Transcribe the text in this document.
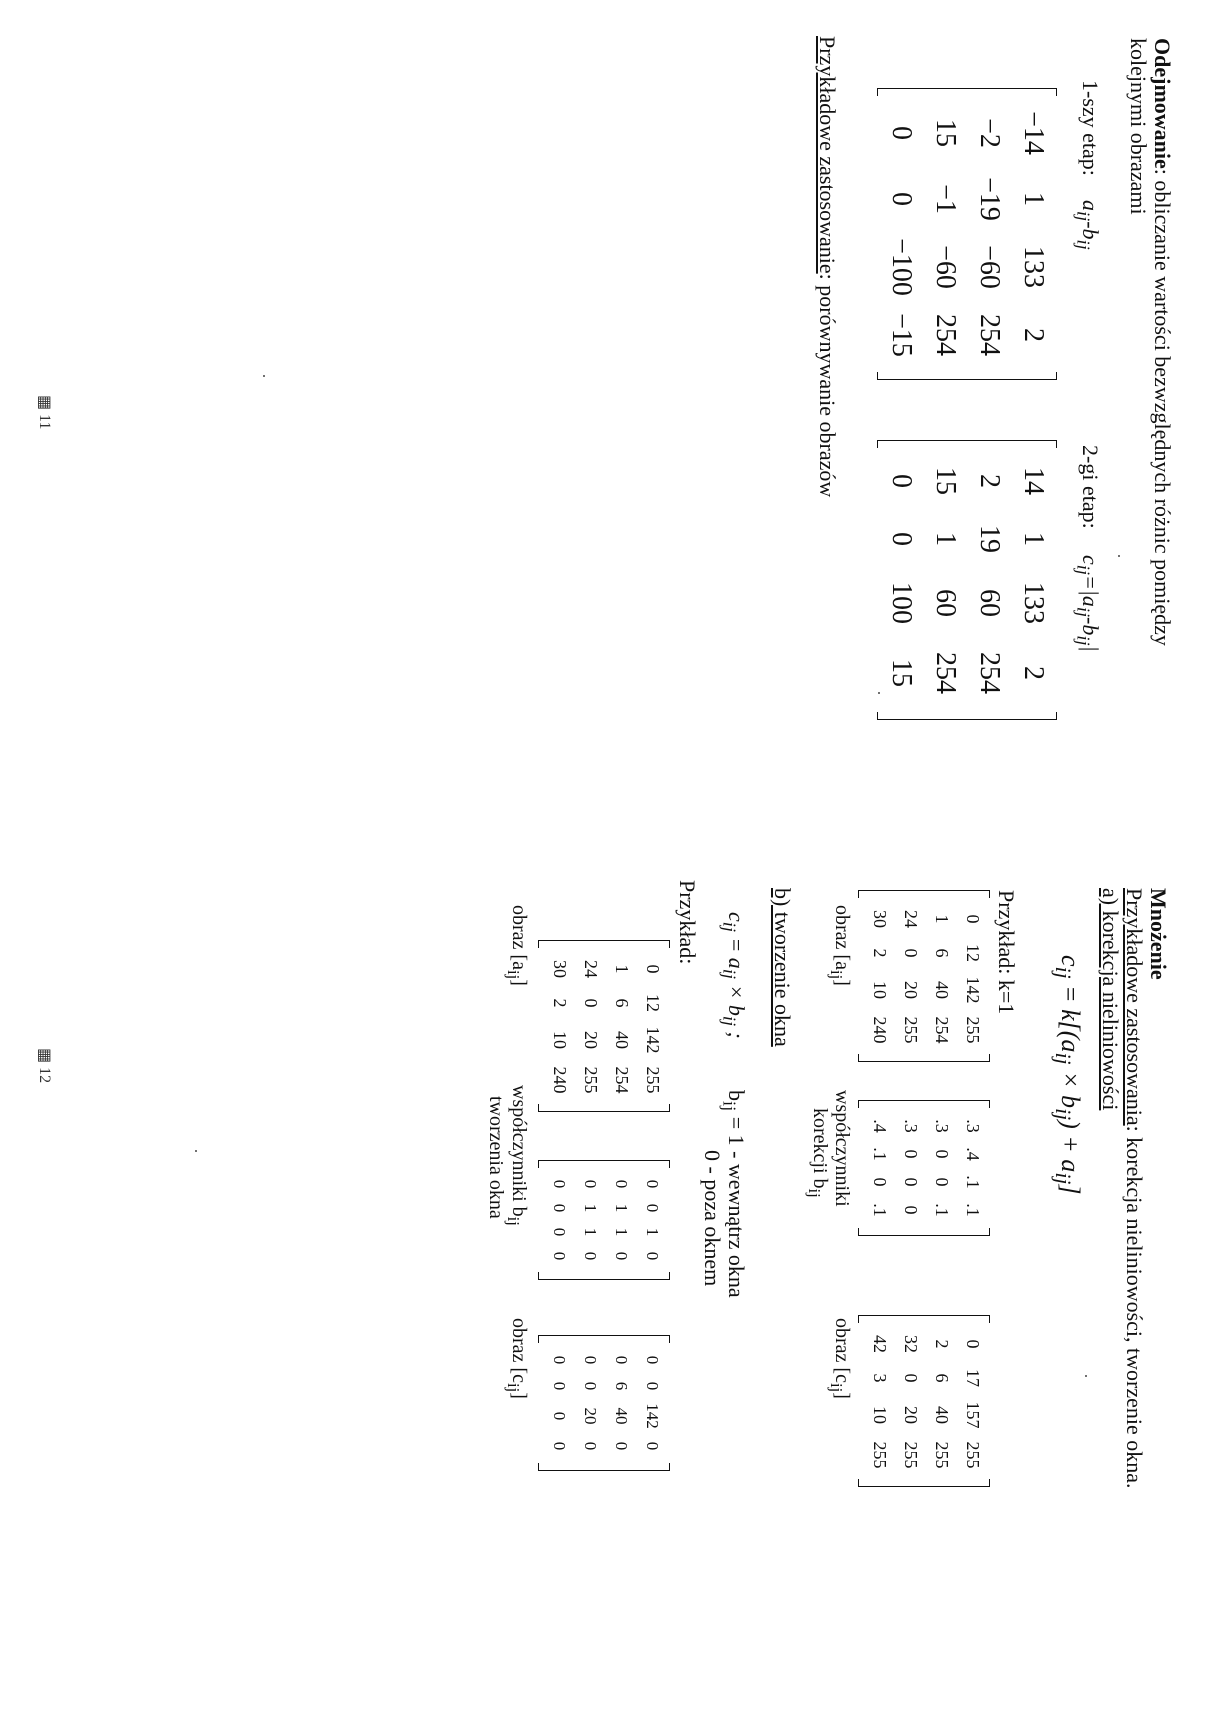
Odejmowanie: obliczanie wartości bezwzględnych różnic pomiędzy
kolejnymi obrazami
1-szy etap:
$a_{ij}-b_{ij}$
2-gi etap:
$c_{ij}=|a_{ij}-b_{ij}|$
−14
1
133
2
−2
−19
−60
254
15
−1
−60
254
0
0
−100
−15
14
1
133
2
2
19
60
254
15
1
60
254
0
0
100
15
Przykładowe zastosowanie: porównywanie obrazów
▦ 11
Mnożenie
Przykładowe zastosowania: korekcja nieliniowości, tworzenie okna.
a) korekcja nieliniowości
$c_{ij} = k[(a_{ij} \times b_{ij}) + a_{ij}]$
Przykład: k=1
0
12
142
255
1
6
40
254
24
0
20
255
30
2
10
240
.3
.4
.1
.1
.3
0
0
.1
.3
0
0
0
.4
.1
0
.1
0
17
157
255
2
6
40
255
32
0
20
255
42
3
10
255
obraz $[a_{ij}]$
współczynniki
korekcji $b_{ij}$
obraz $[c_{ij}]$
b) tworzenie okna
$c_{ij} = a_{ij} \times b_{ij}$ ;
$b_{ij} = 1$ - wewnątrz okna
0 - poza oknem
Przykład:
0
12
142
255
1
6
40
254
24
0
20
255
30
2
10
240
0
0
1
0
0
1
1
0
0
1
1
0
0
0
0
0
0
0
142
0
0
6
40
0
0
0
20
0
0
0
0
0
obraz $[a_{ij}]$
współczynniki $b_{ij}$
tworzenia okna
obraz $[c_{ij}]$
▦ 12
